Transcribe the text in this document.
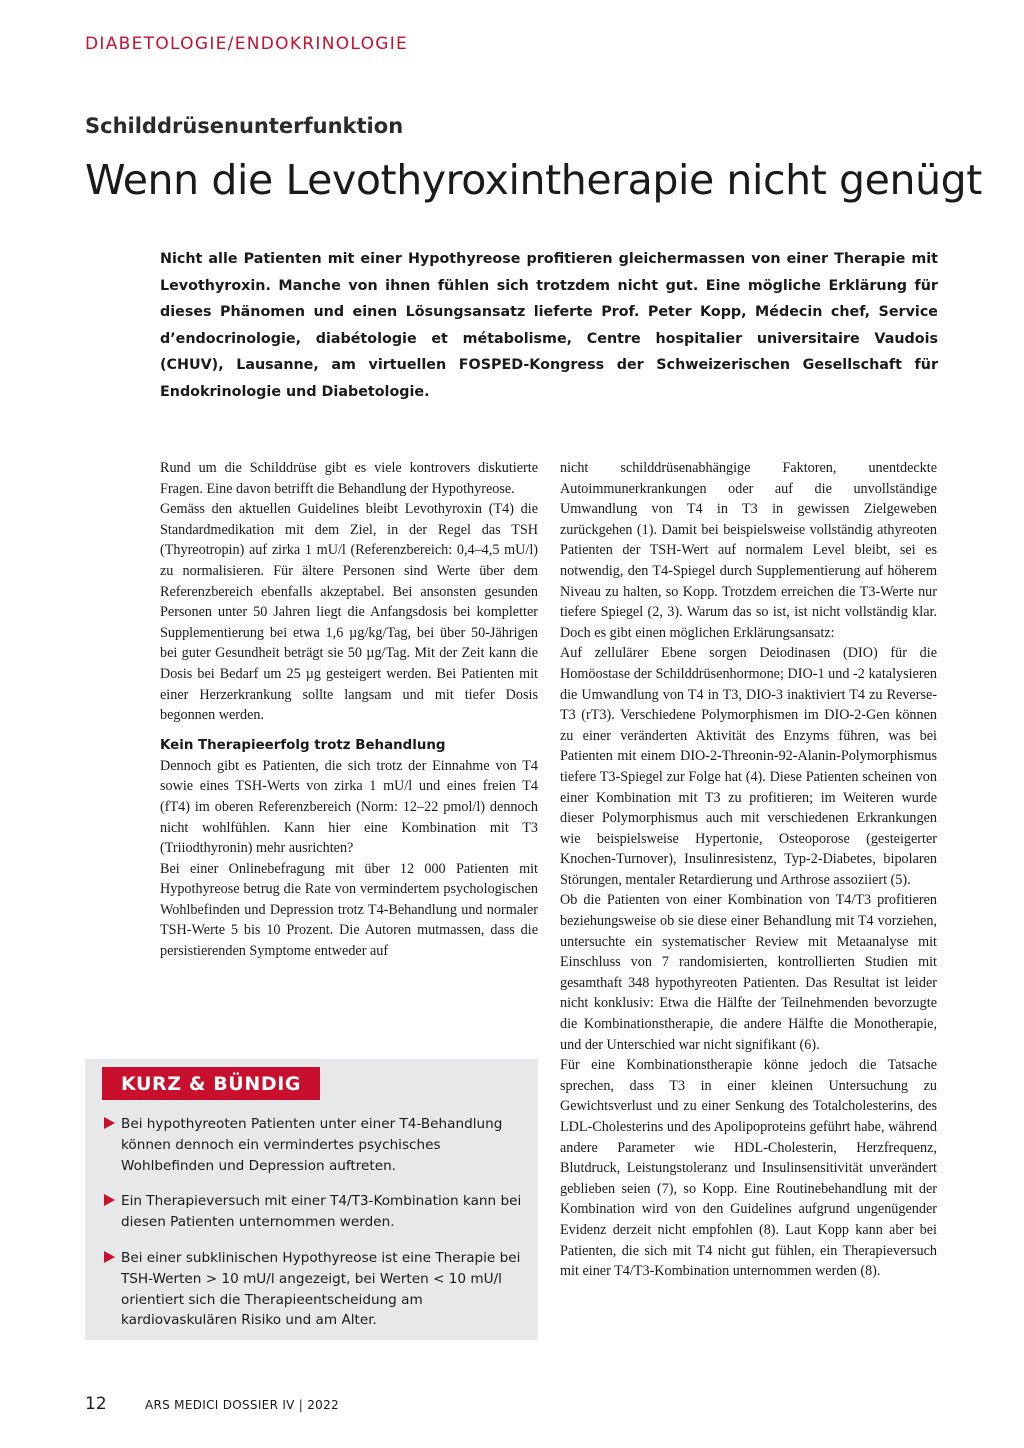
DIABETOLOGIE/ENDOKRINOLOGIE
Schilddrüsenunterfunktion
Wenn die Levothyroxintherapie nicht genügt

Nicht alle Patienten mit einer Hypothyreose profitieren gleichermassen von einer Therapie mit Levothyroxin. Manche von ihnen fühlen sich trotzdem nicht gut. Eine mögliche Erklärung für dieses Phänomen und einen Lösungsansatz lieferte Prof. Peter Kopp, Médecin chef, Service d’endocrinologie, diabétologie et métabolisme, Centre hospitalier universitaire Vaudois (CHUV), Lausanne, am virtuellen FOSPED-Kongress der Schweizerischen Gesellschaft für Endokrinologie und Diabetologie.

Rund um die Schilddrüse gibt es viele kontrovers diskutierte Fragen. Eine davon betrifft die Behandlung der Hypothyreose.

Gemäss den aktuellen Guidelines bleibt Levothyroxin (T4) die Standardmedikation mit dem Ziel, in der Regel das TSH (Thyreotropin) auf zirka 1 mU/l (Referenzbereich: 0,4–4,5 mU/l) zu normalisieren. Für ältere Personen sind Werte über dem Referenzbereich ebenfalls akzeptabel. Bei ansonsten gesunden Personen unter 50 Jahren liegt die Anfangsdosis bei kompletter Supplementierung bei etwa 1,6 µg/kg/Tag, bei über 50-Jährigen bei guter Gesundheit beträgt sie 50 µg/Tag. Mit der Zeit kann die Dosis bei Bedarf um 25 µg gesteigert werden. Bei Patienten mit einer Herzerkrankung sollte langsam und mit tiefer Dosis begonnen werden.

Kein Therapieerfolg trotz Behandlung

Dennoch gibt es Patienten, die sich trotz der Einnahme von T4 sowie eines TSH-Werts von zirka 1 mU/l und eines freien T4 (fT4) im oberen Referenzbereich (Norm: 12–22 pmol/l) dennoch nicht wohlfühlen. Kann hier eine Kombination mit T3 (Triiodthyronin) mehr ausrichten?

Bei einer Onlinebefragung mit über 12 000 Patienten mit Hypothyreose betrug die Rate von vermindertem psychologischen Wohlbefinden und Depression trotz T4-Behandlung und normaler TSH-Werte 5 bis 10 Prozent. Die Autoren mutmassen, dass die persistierenden Symptome entweder auf

nicht schilddrüsenabhängige Faktoren, unentdeckte Autoimmunerkrankungen oder auf die unvollständige Umwandlung von T4 in T3 in gewissen Zielgeweben zurückgehen (1). Damit bei beispielsweise vollständig athyreoten Patienten der TSH-Wert auf normalem Level bleibt, sei es notwendig, den T4-Spiegel durch Supplementierung auf höherem Niveau zu halten, so Kopp. Trotzdem erreichen die T3-Werte nur tiefere Spiegel (2, 3). Warum das so ist, ist nicht vollständig klar. Doch es gibt einen möglichen Erklärungsansatz:

Auf zellulärer Ebene sorgen Deiodinasen (DIO) für die Homöostase der Schilddrüsenhormone; DIO-1 und -2 katalysieren die Umwandlung von T4 in T3, DIO-3 inaktiviert T4 zu Reverse-T3 (rT3). Verschiedene Polymorphismen im DIO-2-Gen können zu einer veränderten Aktivität des Enzyms führen, was bei Patienten mit einem DIO-2-Threonin-92-Alanin-Polymorphismus tiefere T3-Spiegel zur Folge hat (4). Diese Patienten scheinen von einer Kombination mit T3 zu profitieren; im Weiteren wurde dieser Polymorphismus auch mit verschiedenen Erkrankungen wie beispielsweise Hypertonie, Osteoporose (gesteigerter Knochen-Turnover), Insulinresistenz, Typ-2-Diabetes, bipolaren Störungen, mentaler Retardierung und Arthrose assoziiert (5).

Ob die Patienten von einer Kombination von T4/T3 profitieren beziehungsweise ob sie diese einer Behandlung mit T4 vorziehen, untersuchte ein systematischer Review mit Metaanalyse mit Einschluss von 7 randomisierten, kontrollierten Studien mit gesamthaft 348 hypothyreoten Patienten. Das Resultat ist leider nicht konklusiv: Etwa die Hälfte der Teilnehmenden bevorzugte die Kombinationstherapie, die andere Hälfte die Monotherapie, und der Unterschied war nicht signifikant (6).

Für eine Kombinationstherapie könne jedoch die Tatsache sprechen, dass T3 in einer kleinen Untersuchung zu Gewichtsverlust und zu einer Senkung des Totalcholesterins, des LDL-Cholesterins und des Apolipoproteins geführt habe, während andere Parameter wie HDL-Cholesterin, Herzfrequenz, Blutdruck, Leistungstoleranz und Insulinsensitivität unverändert geblieben seien (7), so Kopp. Eine Routinebehandlung mit der Kombination wird von den Guidelines aufgrund ungenügender Evidenz derzeit nicht empfohlen (8). Laut Kopp kann aber bei Patienten, die sich mit T4 nicht gut fühlen, ein Therapieversuch mit einer T4/T3-Kombination unternommen werden (8).

KURZ & BÜNDIG
Bei hypothyreoten Patienten unter einer T4-Behandlung können dennoch ein vermindertes psychisches Wohlbefinden und Depression auftreten.
Ein Therapieversuch mit einer T4/T3-Kombination kann bei diesen Patienten unternommen werden.
Bei einer subklinischen Hypothyreose ist eine Therapie bei TSH-Werten > 10 mU/l angezeigt, bei Werten < 10 mU/l orientiert sich die Therapieentscheidung am kardiovaskulären Risiko und am Alter.
12	ARS MEDICI DOSSIER IV | 2022
